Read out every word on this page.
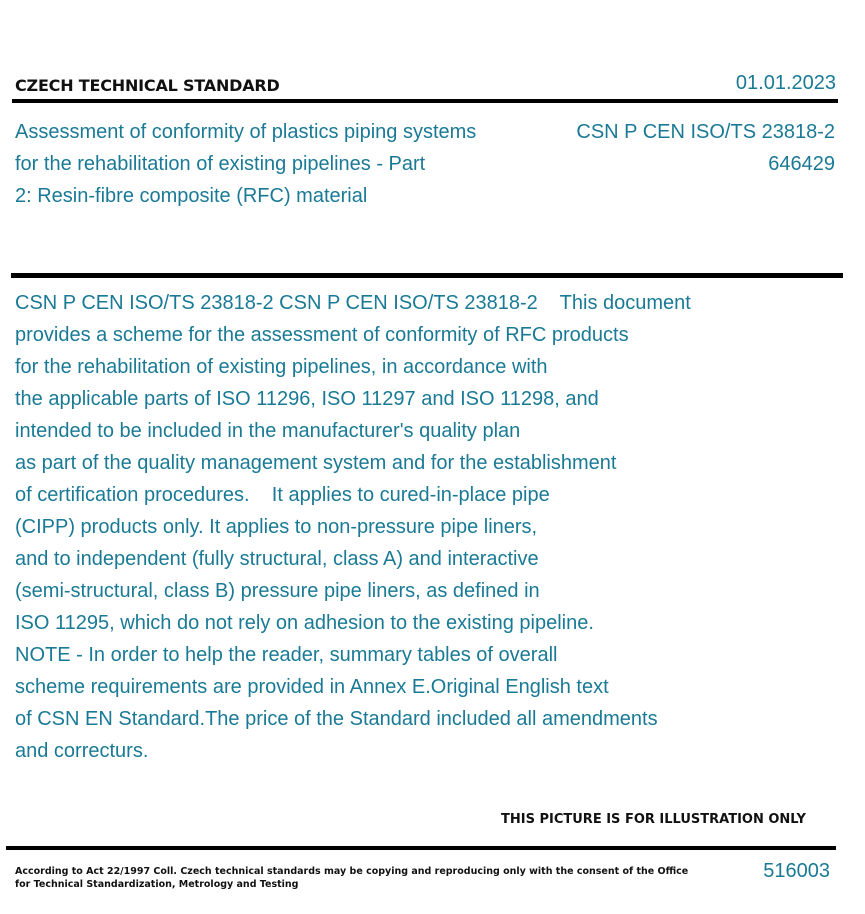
CZECH TECHNICAL STANDARD	01.01.2023
Assessment of conformity of plastics piping systems
for the rehabilitation of existing pipelines - Part
2: Resin-fibre composite (RFC) material
CSN P CEN ISO/TS 23818-2
646429
CSN P CEN ISO/TS 23818-2 CSN P CEN ISO/TS 23818-2    This document
provides a scheme for the assessment of conformity of RFC products
for the rehabilitation of existing pipelines, in accordance with
the applicable parts of ISO 11296, ISO 11297 and ISO 11298, and
intended to be included in the manufacturer's quality plan
as part of the quality management system and for the establishment
of certification procedures.    It applies to cured-in-place pipe
(CIPP) products only. It applies to non-pressure pipe liners,
and to independent (fully structural, class A) and interactive
(semi-structural, class B) pressure pipe liners, as defined in
ISO 11295, which do not rely on adhesion to the existing pipeline.
NOTE - In order to help the reader, summary tables of overall
scheme requirements are provided in Annex E.Original English text
of CSN EN Standard.The price of the Standard included all amendments
and correcturs.
THIS PICTURE IS FOR ILLUSTRATION ONLY
According to Act 22/1997 Coll. Czech technical standards may be copying and reproducing only with the consent of the Office
for Technical Standardization, Metrology and Testing
516003
